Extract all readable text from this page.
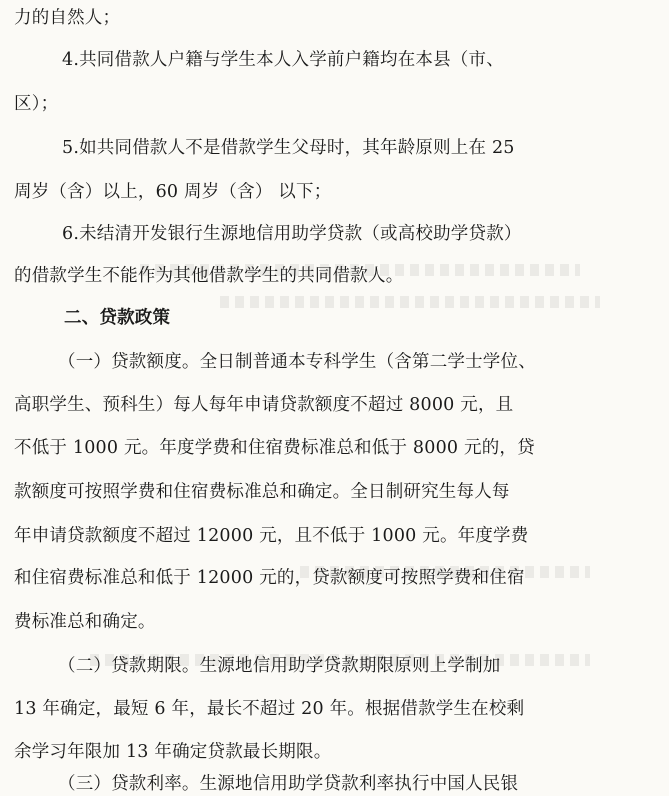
力的自然人；
4.共同借款人户籍与学生本人入学前户籍均在本县（市、
区）；
5.如共同借款人不是借款学生父母时，其年龄原则上在 25
周岁（含）以上，60 周岁（含） 以下；
6.未结清开发银行生源地信用助学贷款（或高校助学贷款）
的借款学生不能作为其他借款学生的共同借款人。
二、贷款政策
（一）贷款额度。全日制普通本专科学生（含第二学士学位、
高职学生、预科生）每人每年申请贷款额度不超过 8000 元，且
不低于 1000 元。年度学费和住宿费标准总和低于 8000 元的，贷
款额度可按照学费和住宿费标准总和确定。全日制研究生每人每
年申请贷款额度不超过 12000 元，且不低于 1000 元。年度学费
和住宿费标准总和低于 12000 元的，贷款额度可按照学费和住宿
费标准总和确定。
（二）贷款期限。生源地信用助学贷款期限原则上学制加
13 年确定，最短 6 年，最长不超过 20 年。根据借款学生在校剩
余学习年限加 13 年确定贷款最长期限。
（三）贷款利率。生源地信用助学贷款利率执行中国人民银
